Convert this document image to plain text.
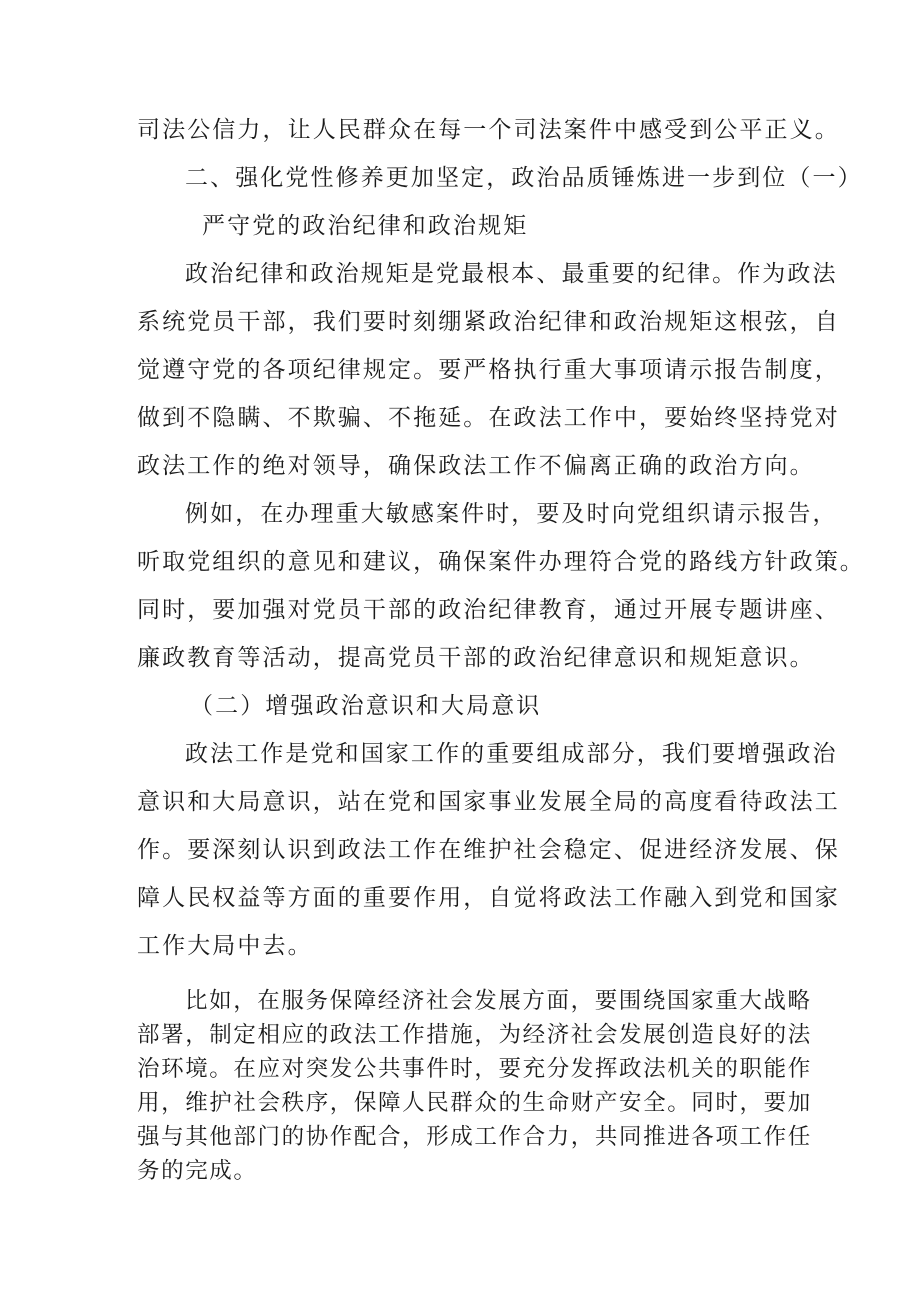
司法公信力，让人民群众在每一个司法案件中感受到公平正义。
二、强化党性修养更加坚定，政治品质锤炼进一步到位（一）
严守党的政治纪律和政治规矩
政治纪律和政治规矩是党最根本、最重要的纪律。作为政法
系统党员干部，我们要时刻绷紧政治纪律和政治规矩这根弦，自
觉遵守党的各项纪律规定。要严格执行重大事项请示报告制度，
做到不隐瞒、不欺骗、不拖延。在政法工作中，要始终坚持党对
政法工作的绝对领导，确保政法工作不偏离正确的政治方向。
例如，在办理重大敏感案件时，要及时向党组织请示报告，
听取党组织的意见和建议，确保案件办理符合党的路线方针政策。
同时，要加强对党员干部的政治纪律教育，通过开展专题讲座、
廉政教育等活动，提高党员干部的政治纪律意识和规矩意识。
（二）增强政治意识和大局意识
政法工作是党和国家工作的重要组成部分，我们要增强政治
意识和大局意识，站在党和国家事业发展全局的高度看待政法工
作。要深刻认识到政法工作在维护社会稳定、促进经济发展、保
障人民权益等方面的重要作用，自觉将政法工作融入到党和国家
工作大局中去。
比如，在服务保障经济社会发展方面，要围绕国家重大战略
部署，制定相应的政法工作措施，为经济社会发展创造良好的法
治环境。在应对突发公共事件时，要充分发挥政法机关的职能作
用，维护社会秩序，保障人民群众的生命财产安全。同时，要加
强与其他部门的协作配合，形成工作合力，共同推进各项工作任
务的完成。
